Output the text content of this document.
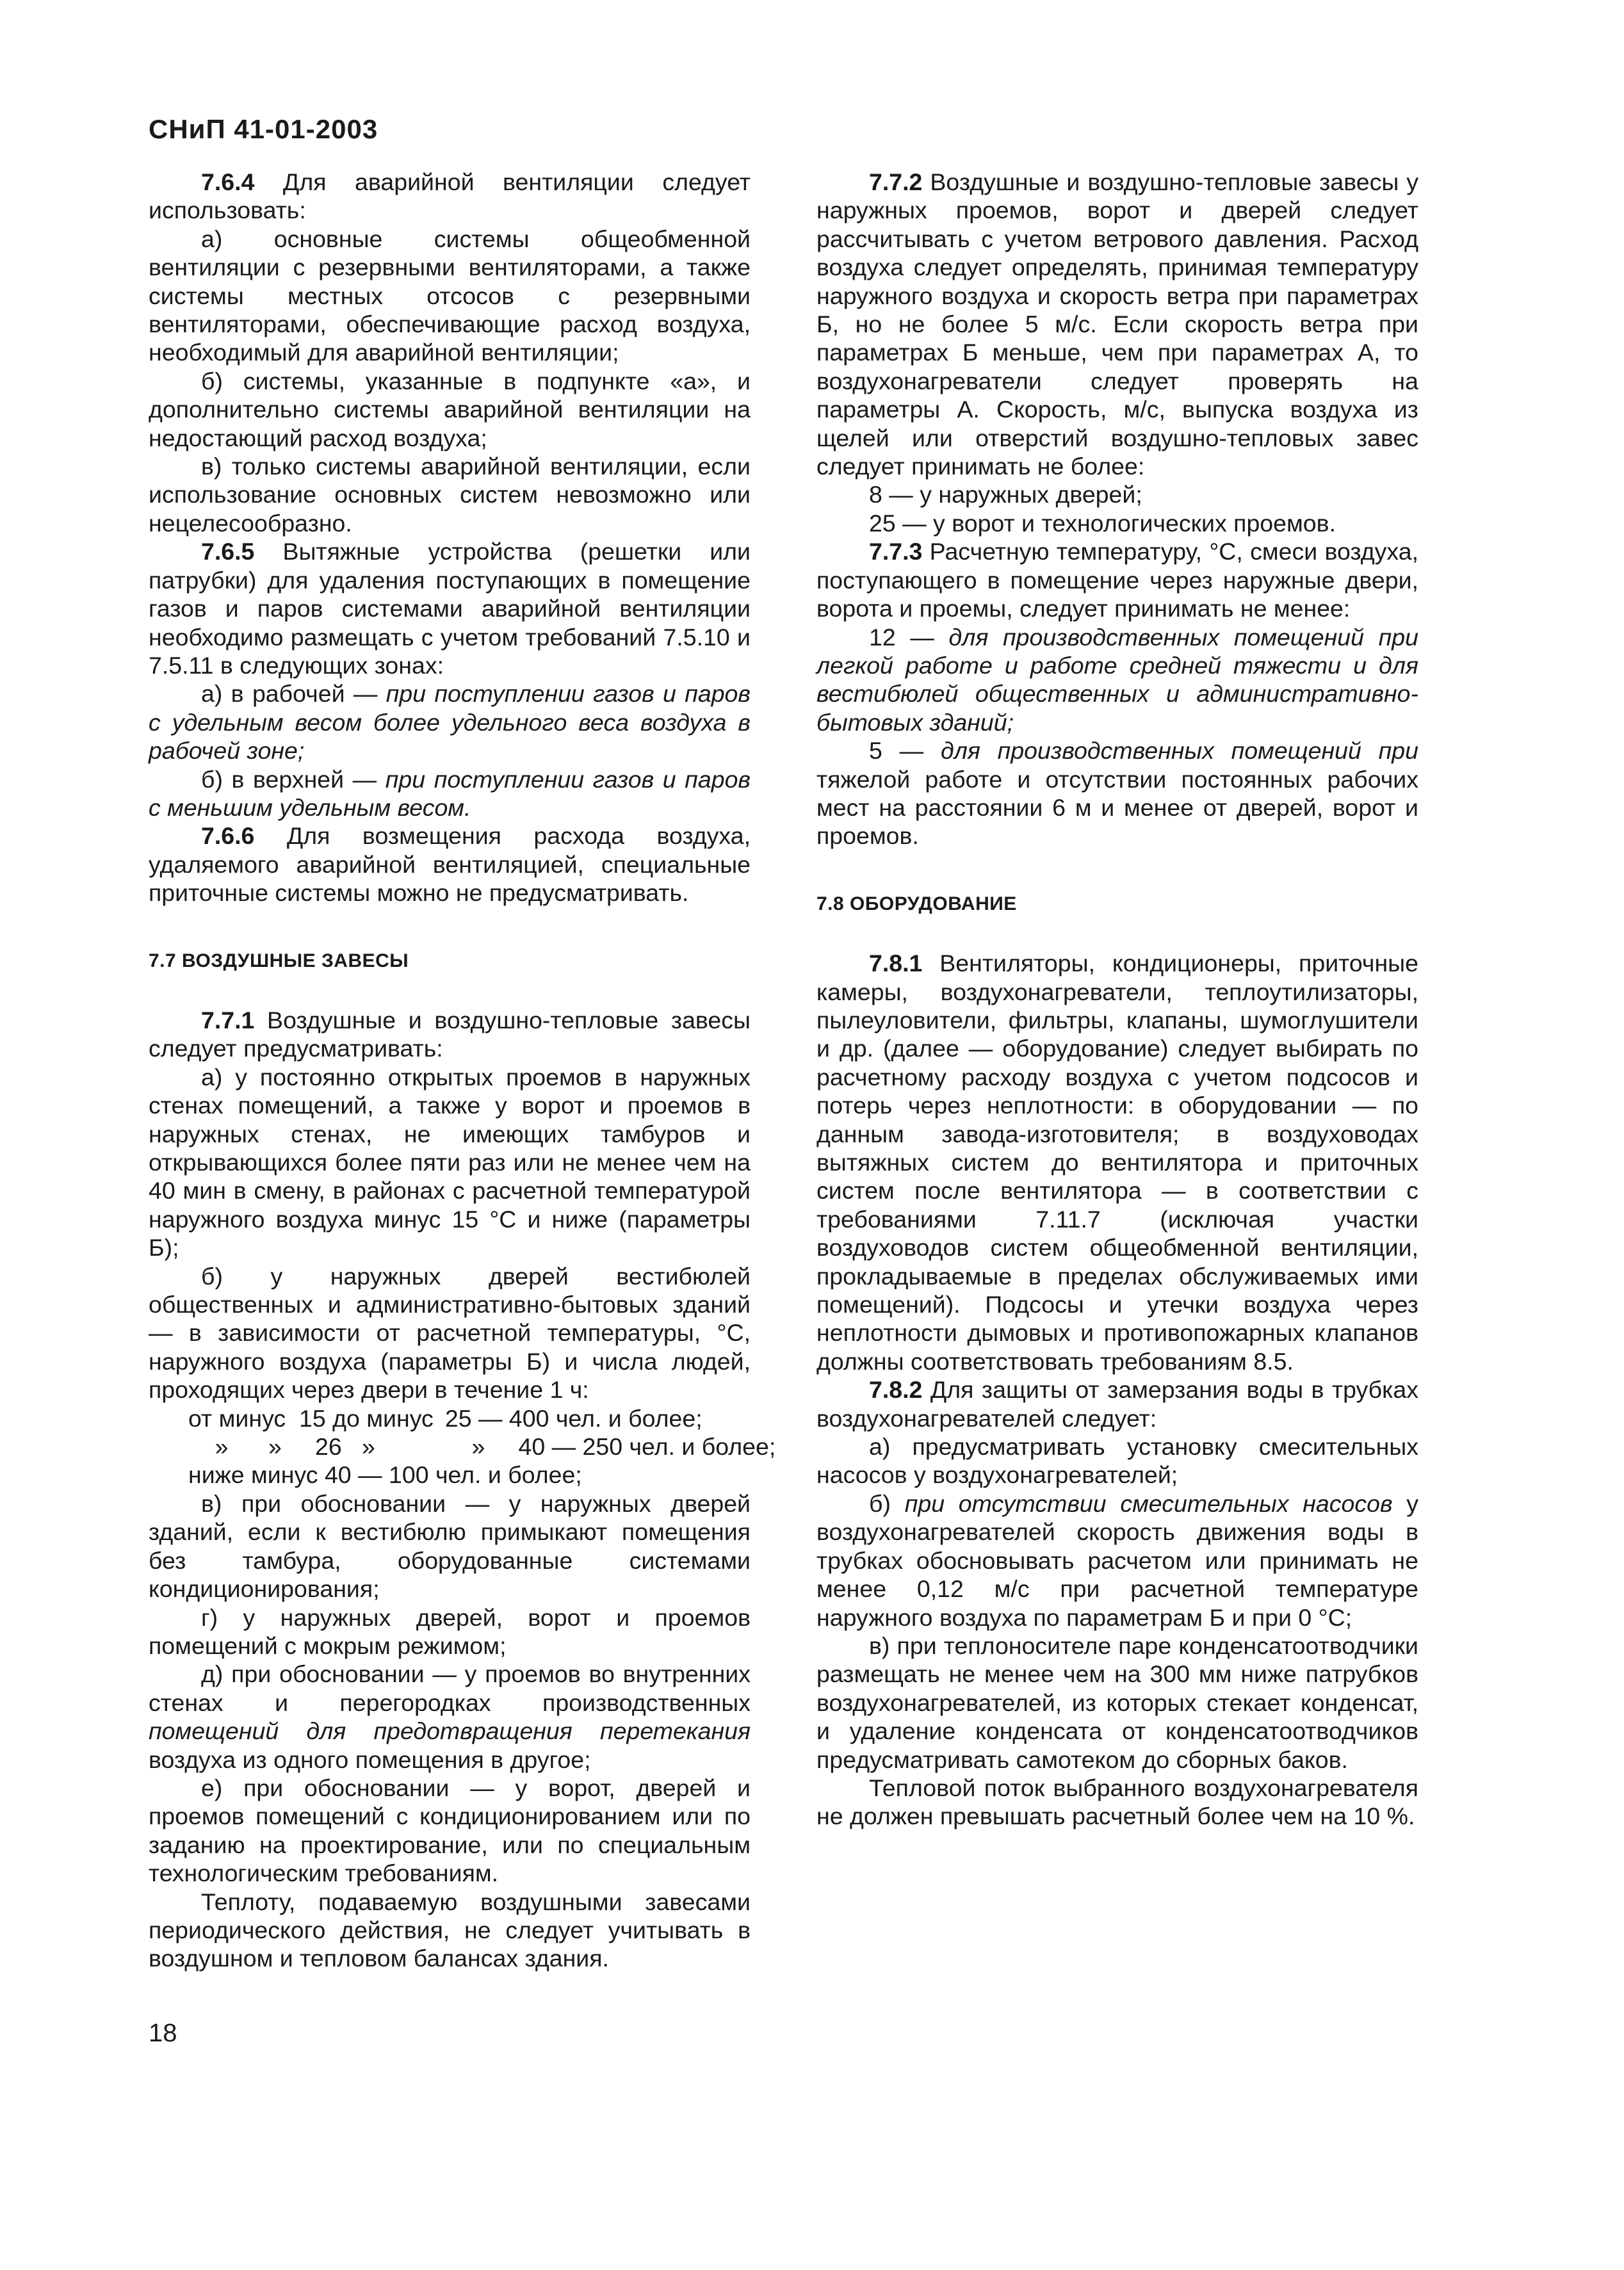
СНиП 41-01-2003

7.6.4 Для аварийной вентиляции следует использовать:

а) основные системы общеобменной вентиляции с резервными вентиляторами, а также системы местных отсосов с резервными вентиляторами, обеспечивающие расход воздуха, необходимый для аварийной вентиляции;

б) системы, указанные в подпункте «а», и дополнительно системы аварийной вентиляции на недостающий расход воздуха;

в) только системы аварийной вентиляции, если использование основных систем невозможно или нецелесообразно.

7.6.5 Вытяжные устройства (решетки или патрубки) для удаления поступающих в помещение газов и паров системами аварийной вентиляции необходимо размещать с учетом требований 7.5.10 и 7.5.11 в следующих зонах:

а) в рабочей — при поступлении газов и паров с удельным весом более удельного веса воздуха в рабочей зоне;

б) в верхней — при поступлении газов и паров с меньшим удельным весом.

7.6.6 Для возмещения расхода воздуха, удаляемого аварийной вентиляцией, специальные приточные системы можно не предусматривать.

7.7 ВОЗДУШНЫЕ ЗАВЕСЫ

7.7.1 Воздушные и воздушно-тепловые завесы следует предусматривать:

а) у постоянно открытых проемов в наружных стенах помещений, а также у ворот и проемов в наружных стенах, не имеющих тамбуров и открывающихся более пяти раз или не менее чем на 40 мин в смену, в районах с расчетной температурой наружного воздуха минус 15 °С и ниже (параметры Б);

б) у наружных дверей вестибюлей общественных и административно-бытовых зданий — в зависимости от расчетной температуры, °С, наружного воздуха (параметры Б) и числа людей, проходящих через двери в течение 1 ч:

от минус  15 до минус  25 — 400 чел. и более;

»      »     26   »      »     40 — 250 чел. и более;

ниже минус 40 — 100 чел. и более;

в) при обосновании — у наружных дверей зданий, если к вестибюлю примыкают помещения без тамбура, оборудованные системами кондиционирования;

г) у наружных дверей, ворот и проемов помещений с мокрым режимом;

д) при обосновании — у проемов во внутренних стенах и перегородках производственных помещений для предотвращения перетекания воздуха из одного помещения в другое;

е) при обосновании — у ворот, дверей и проемов помещений с кондиционированием или по заданию на проектирование, или по специальным технологическим требованиям.

Теплоту, подаваемую воздушными завесами периодического действия, не следует учитывать в воздушном и тепловом балансах здания.

7.7.2 Воздушные и воздушно-тепловые завесы у наружных проемов, ворот и дверей следует рассчитывать с учетом ветрового давления. Расход воздуха следует определять, принимая температуру наружного воздуха и скорость ветра при параметрах Б, но не более 5 м/с. Если скорость ветра при параметрах Б меньше, чем при параметрах А, то воздухонагреватели следует проверять на параметры А. Скорость, м/с, выпуска воздуха из щелей или отверстий воздушно-тепловых завес следует принимать не более:

8 — у наружных дверей;

25 — у ворот и технологических проемов.

7.7.3 Расчетную температуру, °С, смеси воздуха, поступающего в помещение через наружные двери, ворота и проемы, следует принимать не менее:

12 — для производственных помещений при легкой работе и работе средней тяжести и для вестибюлей общественных и административно-бытовых зданий;

5 — для производственных помещений при тяжелой работе и отсутствии постоянных рабочих мест на расстоянии 6 м и менее от дверей, ворот и проемов.

7.8 ОБОРУДОВАНИЕ

7.8.1 Вентиляторы, кондиционеры, приточные камеры, воздухонагреватели, теплоутилизаторы, пылеуловители, фильтры, клапаны, шумоглушители и др. (далее — оборудование) следует выбирать по расчетному расходу воздуха с учетом подсосов и потерь через неплотности: в оборудовании — по данным завода-изготовителя; в воздуховодах вытяжных систем до вентилятора и приточных систем после вентилятора — в соответствии с требованиями 7.11.7 (исключая участки воздуховодов систем общеобменной вентиляции, прокладываемые в пределах обслуживаемых ими помещений). Подсосы и утечки воздуха через неплотности дымовых и противопожарных клапанов должны соответствовать требованиям 8.5.

7.8.2 Для защиты от замерзания воды в трубках воздухонагревателей следует:

а) предусматривать установку смесительных насосов у воздухонагревателей;

б) при отсутствии смесительных насосов у воздухонагревателей скорость движения воды в трубках обосновывать расчетом или принимать не менее 0,12 м/с при расчетной температуре наружного воздуха по параметрам Б и при 0 °С;

в) при теплоносителе паре конденсатоотводчики размещать не менее чем на 300 мм ниже патрубков воздухонагревателей, из которых стекает конденсат, и удаление конденсата от конденсатоотводчиков предусматривать самотеком до сборных баков.

Тепловой поток выбранного воздухонагревателя не должен превышать расчетный более чем на 10 %.

18
